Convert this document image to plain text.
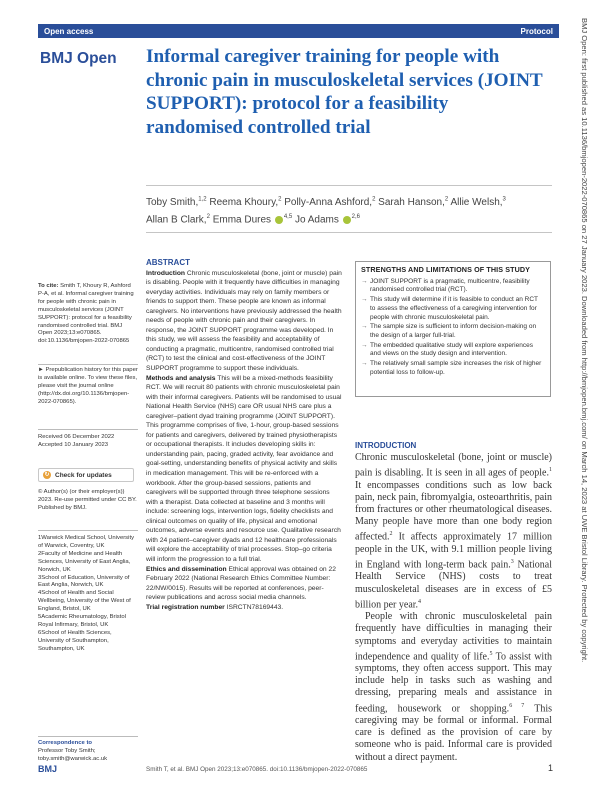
Open access	Protocol
BMJ Open Informal caregiver training for people with chronic pain in musculoskeletal services (JOINT SUPPORT): protocol for a feasibility randomised controlled trial

Toby Smith,$^{1,2}$ Reema Khoury,$^2$ Polly-Anna Ashford,$^2$ Sarah Hanson,$^2$ Allie Welsh,$^3$
Allan B Clark,$^2$ Emma Dures $^{4,5}$ Jo Adams $^{2,6}$

To cite: Smith T, Khoury R, Ashford P-A, et al. Informal caregiver training for people with chronic pain in musculoskeletal services (JOINT SUPPORT): protocol for a feasibility randomised controlled trial. BMJ Open 2023;13:e070865. doi:10.1136/bmjopen-2022-070865
► Prepublication history for this paper is available online. To view these files, please visit the journal online (http://dx.doi.org/10.1136/bmjopen-2022-070865).
Received 06 December 2022
Accepted 10 January 2023
↻ Check for updates
© Author(s) (or their employer(s)) 2023. Re-use permitted under CC BY. Published by BMJ.
1Warwick Medical School, University of Warwick, Coventry, UK
2Faculty of Medicine and Health Sciences, University of East Anglia, Norwich, UK
3School of Education, University of East Anglia, Norwich, UK
4School of Health and Social Wellbeing, University of the West of England, Bristol, UK
5Academic Rheumatology, Bristol Royal Infirmary, Bristol, UK
6School of Health Sciences, University of Southampton, Southampton, UK
Correspondence to
Professor Toby Smith;
toby.smith@warwick.ac.uk
ABSTRACT

Introduction Chronic musculoskeletal (bone, joint or muscle) pain is disabling. People with it frequently have difficulties in managing everyday activities. Individuals may rely on family members or friends to support them. These people are known as informal caregivers. No interventions have previously addressed the health needs of people with chronic pain and their caregivers. In response, the JOINT SUPPORT programme was developed. In this study, we will assess the feasibility and acceptability of conducting a pragmatic, multicentre, randomised controlled trial (RCT) to test the clinical and cost-effectiveness of the JOINT SUPPORT programme to support these individuals.

Methods and analysis This will be a mixed-methods feasibility RCT. We will recruit 80 patients with chronic musculoskeletal pain with their informal caregivers. Patients will be randomised to usual National Health Service (NHS) care OR usual NHS care plus a caregiver–patient dyad training programme (JOINT SUPPORT). This programme comprises of five, 1-hour, group-based sessions for patients and caregivers, delivered by trained physiotherapists or occupational therapists. It includes developing skills in: understanding pain, pacing, graded activity, fear avoidance and goal-setting, understanding benefits of physical activity and skills in medication management. This will be re-enforced with a workbook. After the group-based sessions, patients and caregivers will be supported through three telephone sessions with a therapist. Data collected at baseline and 3 months will include: screening logs, intervention logs, fidelity checklists and clinical outcomes on quality of life, physical and emotional outcomes, adverse events and resource use. Qualitative research with 24 patient–caregiver dyads and 12 healthcare professionals will explore the acceptability of trial processes. Stop–go criteria will inform the progression to a full trial.

Ethics and dissemination Ethical approval was obtained on 22 February 2022 (National Research Ethics Committee Number: 22/NW/0015). Results will be reported at conferences, peer-review publications and across social media channels.

Trial registration number ISRCTN78169443.

STRENGTHS AND LIMITATIONS OF THIS STUDY
→ JOINT SUPPORT is a pragmatic, multicentre, feasibility randomised controlled trial (RCT).
→ This study will determine if it is feasible to conduct an RCT to assess the effectiveness of a caregiving intervention for people with chronic musculoskeletal pain.
→ The sample size is sufficient to inform decision-making on the design of a larger full-trial.
→ The embedded qualitative study will explore experiences and views on the study design and intervention.
→ The relatively small sample size increases the risk of higher potential loss to follow-up.
INTRODUCTION

Chronic musculoskeletal (bone, joint or muscle) pain is disabling. It is seen in all ages of people.$^1$ It encompasses conditions such as low back pain, neck pain, fibromyalgia, osteoarthritis, pain from fractures or other rheumatological diseases. Many people have more than one body region affected.$^2$ It affects approximately 17 million people in the UK, with 9.1 million people living in England with long-term back pain.$^3$ National Health Service (NHS) costs to treat musculoskeletal diseases are in excess of £5 billion per year.$^4$

People with chronic musculoskeletal pain frequently have difficulties in managing their symptoms and everyday activities to maintain independence and quality of life.$^5$ To assist with symptoms, they often access support. This may include help in tasks such as washing and dressing, preparing meals and assistance in feeding, housework or shopping.$^{6 7}$ This caregiving may be formal or informal. Formal care is defined as the provision of care by someone who is paid. Informal care is provided without a direct payment.

BMJ Open: first published as 10.1136/bmjopen-2022-070865 on 27 January 2023. Downloaded from http://bmjopen.bmj.com/ on March 14, 2023 at UWE Bristol Library. Protected by copyright.
BMJ	Smith T, et al. BMJ Open 2023;13:e070865. doi:10.1136/bmjopen-2022-070865	1
